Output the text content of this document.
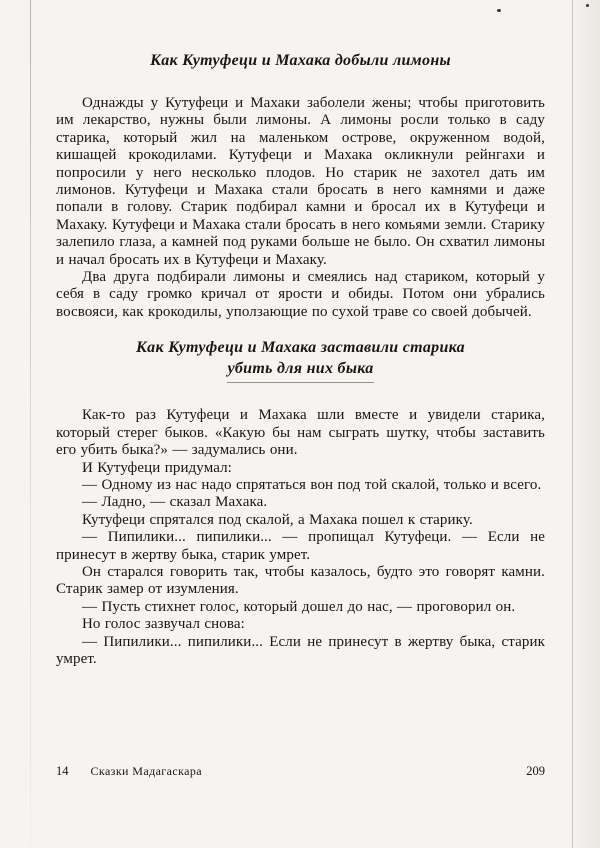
Как Кутуфеци и Махака добыли лимоны

Однажды у Кутуфеци и Махаки заболели жены; чтобы приготовить им лекарство, нужны были лимоны. А лимоны росли только в саду старика, который жил на маленьком острове, окруженном водой, кишащей крокодилами. Кутуфеци и Махака окликнули рейнгахи и попросили у него несколько плодов. Но старик не захотел дать им лимонов. Кутуфеци и Махака стали бросать в него камнями и даже попали в голову. Старик подбирал камни и бросал их в Кутуфеци и Махаку. Кутуфеци и Махака стали бросать в него комьями земли. Старику залепило глаза, а камней под руками больше не было. Он схватил лимоны и начал бросать их в Кутуфеци и Махаку.

Два друга подбирали лимоны и смеялись над стариком, который у себя в саду громко кричал от ярости и обиды. Потом они убрались восвояси, как крокодилы, уползающие по сухой траве со своей добычей.

Как Кутуфеци и Махака заставили старика
убить для них быка

Как-то раз Кутуфеци и Махака шли вместе и увидели старика, который стерег быков. «Какую бы нам сыграть шутку, чтобы заставить его убить быка?» — задумались они.

И Кутуфеци придумал:

— Одному из нас надо спрятаться вон под той скалой, только и всего.

— Ладно, — сказал Махака.

Кутуфеци спрятался под скалой, а Махака пошел к старику.

— Пипилики... пипилики... — пропищал Кутуфеци. — Если не принесут в жертву быка, старик умрет.

Он старался говорить так, чтобы казалось, будто это говорят камни. Старик замер от изумления.

— Пусть стихнет голос, который дошел до нас, — проговорил он.

Но голос зазвучал снова:

— Пипилики... пипилики... Если не принесут в жертву быка, старик умрет.

14 Сказки Мадагаскара	209
